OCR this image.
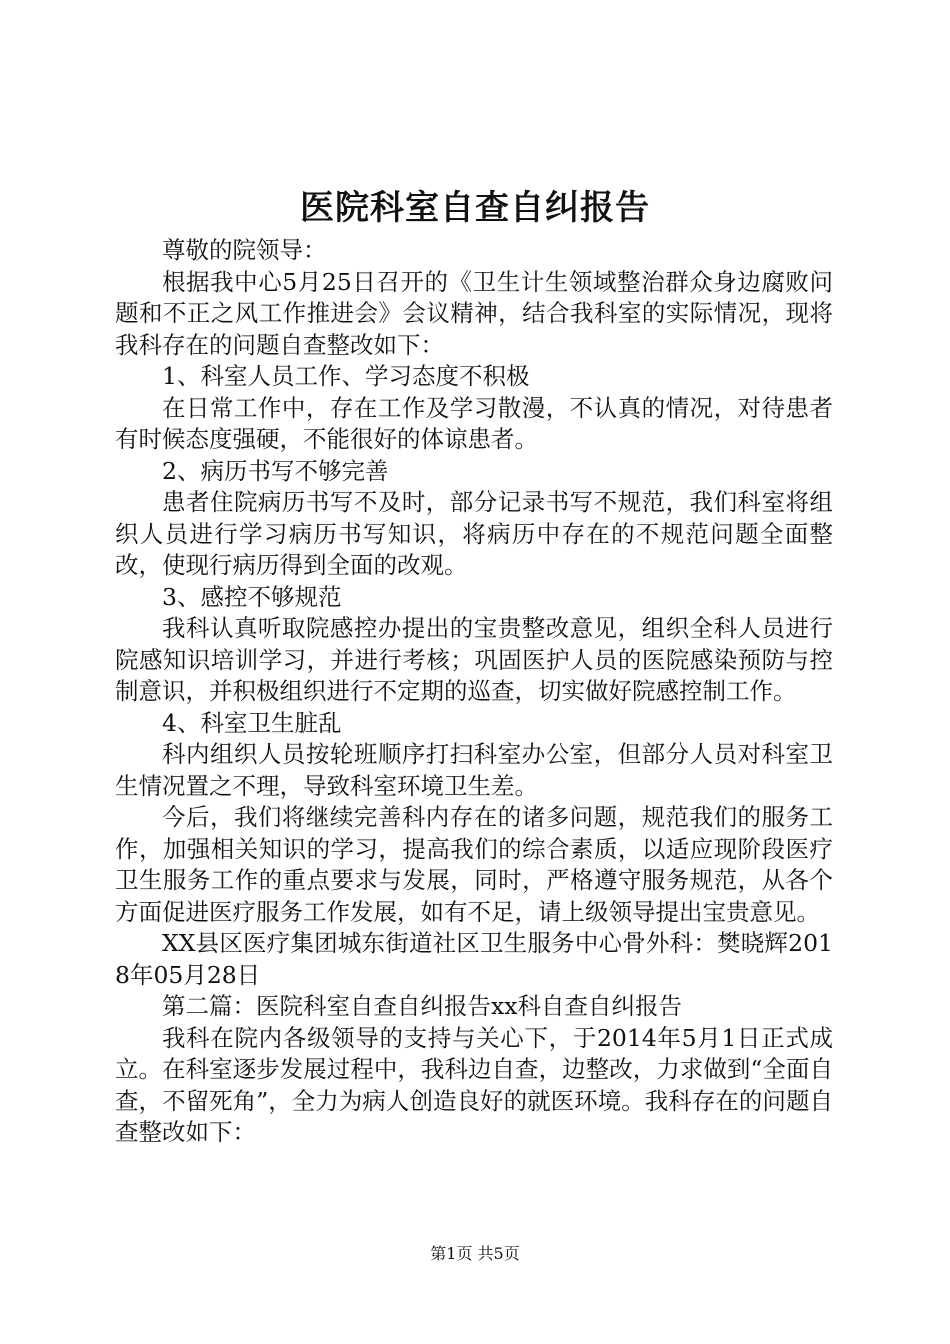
医院科室自查自纠报告

尊敬的院领导：

根据我中心5月25日召开的《卫生计生领域整治群众身边腐败问题和不正之风工作推进会》会议精神，结合我科室的实际情况，现将我科存在的问题自查整改如下：

1、科室人员工作、学习态度不积极

在日常工作中，存在工作及学习散漫，不认真的情况，对待患者有时候态度强硬，不能很好的体谅患者。

2、病历书写不够完善

患者住院病历书写不及时，部分记录书写不规范，我们科室将组织人员进行学习病历书写知识，将病历中存在的不规范问题全面整改，使现行病历得到全面的改观。

3、感控不够规范

我科认真听取院感控办提出的宝贵整改意见，组织全科人员进行院感知识培训学习，并进行考核；巩固医护人员的医院感染预防与控制意识，并积极组织进行不定期的巡查，切实做好院感控制工作。

4、科室卫生脏乱

科内组织人员按轮班顺序打扫科室办公室，但部分人员对科室卫生情况置之不理，导致科室环境卫生差。

今后，我们将继续完善科内存在的诸多问题，规范我们的服务工作，加强相关知识的学习，提高我们的综合素质，以适应现阶段医疗卫生服务工作的重点要求与发展，同时，严格遵守服务规范，从各个方面促进医疗服务工作发展，如有不足，请上级领导提出宝贵意见。

XX县区医疗集团城东街道社区卫生服务中心骨外科：樊晓辉2018年05月28日

第二篇：医院科室自查自纠报告xx科自查自纠报告

我科在院内各级领导的支持与关心下，于2014年5月1日正式成立。在科室逐步发展过程中，我科边自查，边整改，力求做到“全面自查，不留死角”，全力为病人创造良好的就医环境。我科存在的问题自查整改如下：

第1页 共5页
